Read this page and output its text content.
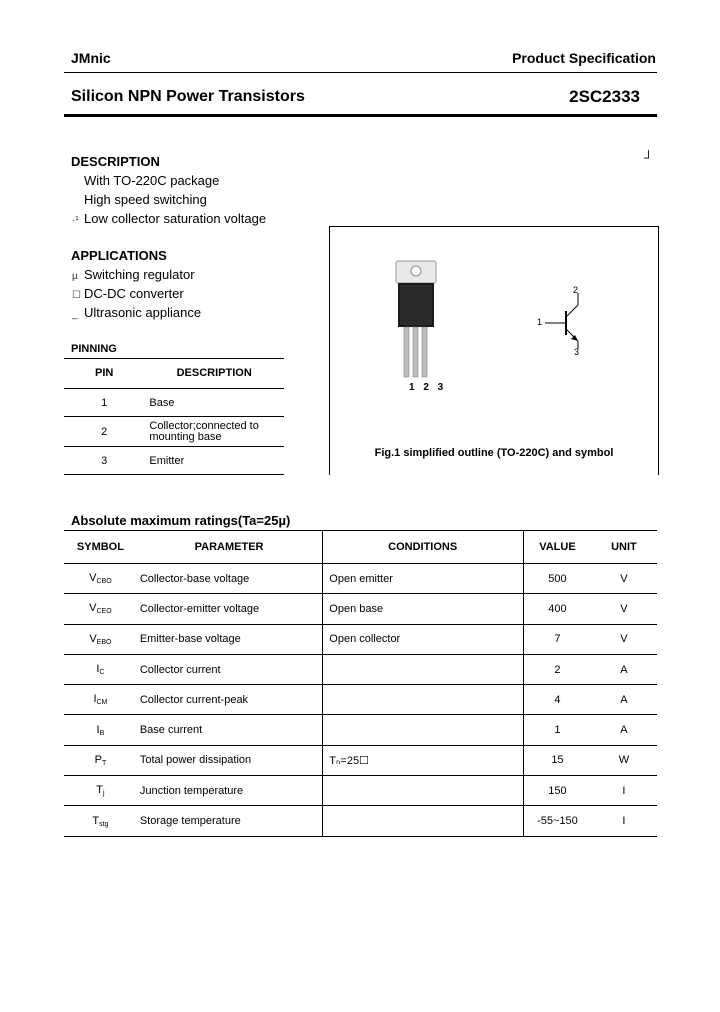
JMnic	Product Specification
Silicon NPN Power Transistors	2SC2333
DESCRIPTION	┘
With TO-220C package
High speed switching
·¹ Low collector saturation voltage
APPLICATIONS
µ Switching regulator
☐ DC-DC converter
_ Ultrasonic appliance
PINNING
PIN	DESCRIPTION
1	Base
2	Collector;connected to mounting base

3	Emitter
1 2 3
2
1
3
Fig.1 simplified outline (TO-220C) and symbol
Absolute maximum ratings(Ta=25µ)
SYMBOL	PARAMETER	CONDITIONS	VALUE	UNIT
$V_{CBO}$	Collector-base voltage	Open emitter	500	V
$V_{CEO}$	Collector-emitter voltage	Open base	400	V
$V_{EBO}$	Emitter-base voltage	Open collector	7	V
$I_C$	Collector current		2	A
$I_{CM}$	Collector current-peak		4	A
$I_B$	Base current		1	A
$P_T$	Total power dissipation	Tₙ=25☐	15	W
$T_j$	Junction temperature		150	I
$T_{stg}$	Storage temperature		-55~150	I
